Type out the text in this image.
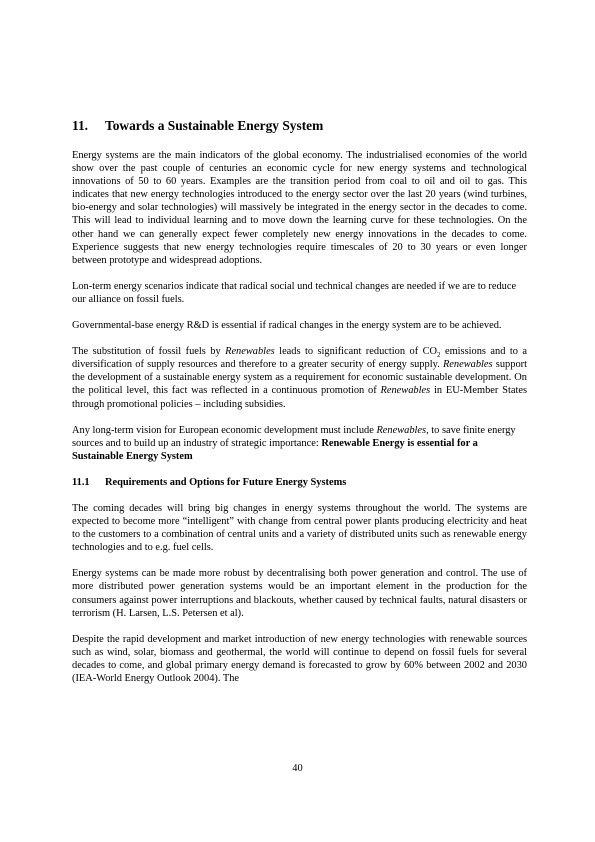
11.	Towards a Sustainable Energy System

Energy systems are the main indicators of the global economy. The industrialised economies of the world show over the past couple of centuries an economic cycle for new energy systems and technological innovations of 50 to 60 years. Examples are the transition period from coal to oil and oil to gas. This indicates that new energy technologies introduced to the energy sector over the last 20 years (wind turbines, bio-energy and solar technologies) will massively be integrated in the energy sector in the decades to come. This will lead to individual learning and to move down the learning curve for these technologies. On the other hand we can generally expect fewer completely new energy innovations in the decades to come. Experience suggests that new energy technologies require timescales of 20 to 30 years or even longer between prototype and widespread adoptions.

Lon-term energy scenarios indicate that radical social und technical changes are needed if we are to reduce our alliance on fossil fuels.

Governmental-base energy R&D is essential if radical changes in the energy system are to be achieved.

The substitution of fossil fuels by Renewables leads to significant reduction of $CO_2$ emissions and to a diversification of supply resources and therefore to a greater security of energy supply. Renewables support the development of a sustainable energy system as a requirement for economic sustainable development. On the political level, this fact was reflected in a continuous promotion of Renewables in EU-Member States through promotional policies – including subsidies.

Any long-term vision for European economic development must include Renewables, to save finite energy sources and to build up an industry of strategic importance: Renewable Energy is essential for a Sustainable Energy System

11.1	Requirements and Options for Future Energy Systems

The coming decades will bring big changes in energy systems throughout the world. The systems are expected to become more “intelligent” with change from central power plants producing electricity and heat to the customers to a combination of central units and a variety of distributed units such as renewable energy technologies and to e.g. fuel cells.

Energy systems can be made more robust by decentralising both power generation and control. The use of more distributed power generation systems would be an important element in the production for the consumers against power interruptions and blackouts, whether caused by technical faults, natural disasters or terrorism (H. Larsen, L.S. Petersen et al).

Despite the rapid development and market introduction of new energy technologies with renewable sources such as wind, solar, biomass and geothermal, the world will continue to depend on fossil fuels for several decades to come, and global primary energy demand is forecasted to grow by 60% between 2002 and 2030 (IEA-World Energy Outlook 2004). The

40
